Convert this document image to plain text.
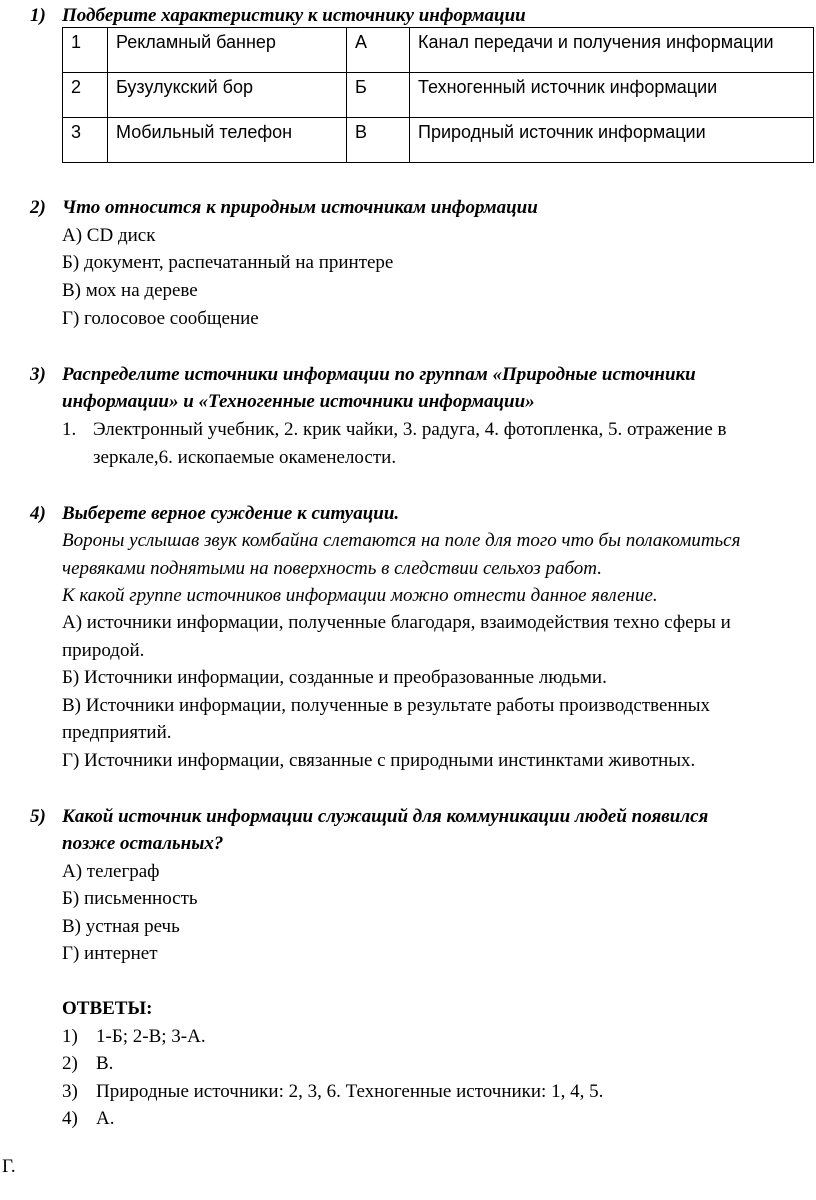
1) Подберите характеристику к источнику информации
1	Рекламный баннер	А	Канал передачи и получения информации
2	Бузулукский бор	Б	Техногенный источник информации
3	Мобильный телефон	В	Природный источник информации
2) Что относится к природным источникам информации
А) CD диск
Б) документ, распечатанный на принтере
В) мох на дереве
Г) голосовое сообщение
3) Распределите источники информации по группам «Природные источники
информации» и «Техногенные источники информации»
1. Электронный учебник, 2. крик чайки, 3. радуга, 4. фотопленка, 5. отражение в
зеркале,6. ископаемые окаменелости.
4) Выберете верное суждение к ситуации.
Вороны услышав звук комбайна слетаются на поле для того что бы полакомиться
червяками поднятыми на поверхность в следствии сельхоз работ.
К какой группе источников информации можно отнести данное явление.
А) источники информации, полученные благодаря, взаимодействия техно сферы и
природой.
Б) Источники информации, созданные и преобразованные людьми.
В) Источники информации, полученные в результате работы производственных
предприятий.
Г) Источники информации, связанные с природными инстинктами животных.
5) Какой источник информации служащий для коммуникации людей появился
позже остальных?
А) телеграф
Б) письменность
В) устная речь
Г) интернет
ОТВЕТЫ:
1) 1-Б; 2-В; 3-А.
2) В.
3) Природные источники: 2, 3, 6. Техногенные источники: 1, 4, 5.
4) А.
Г.
